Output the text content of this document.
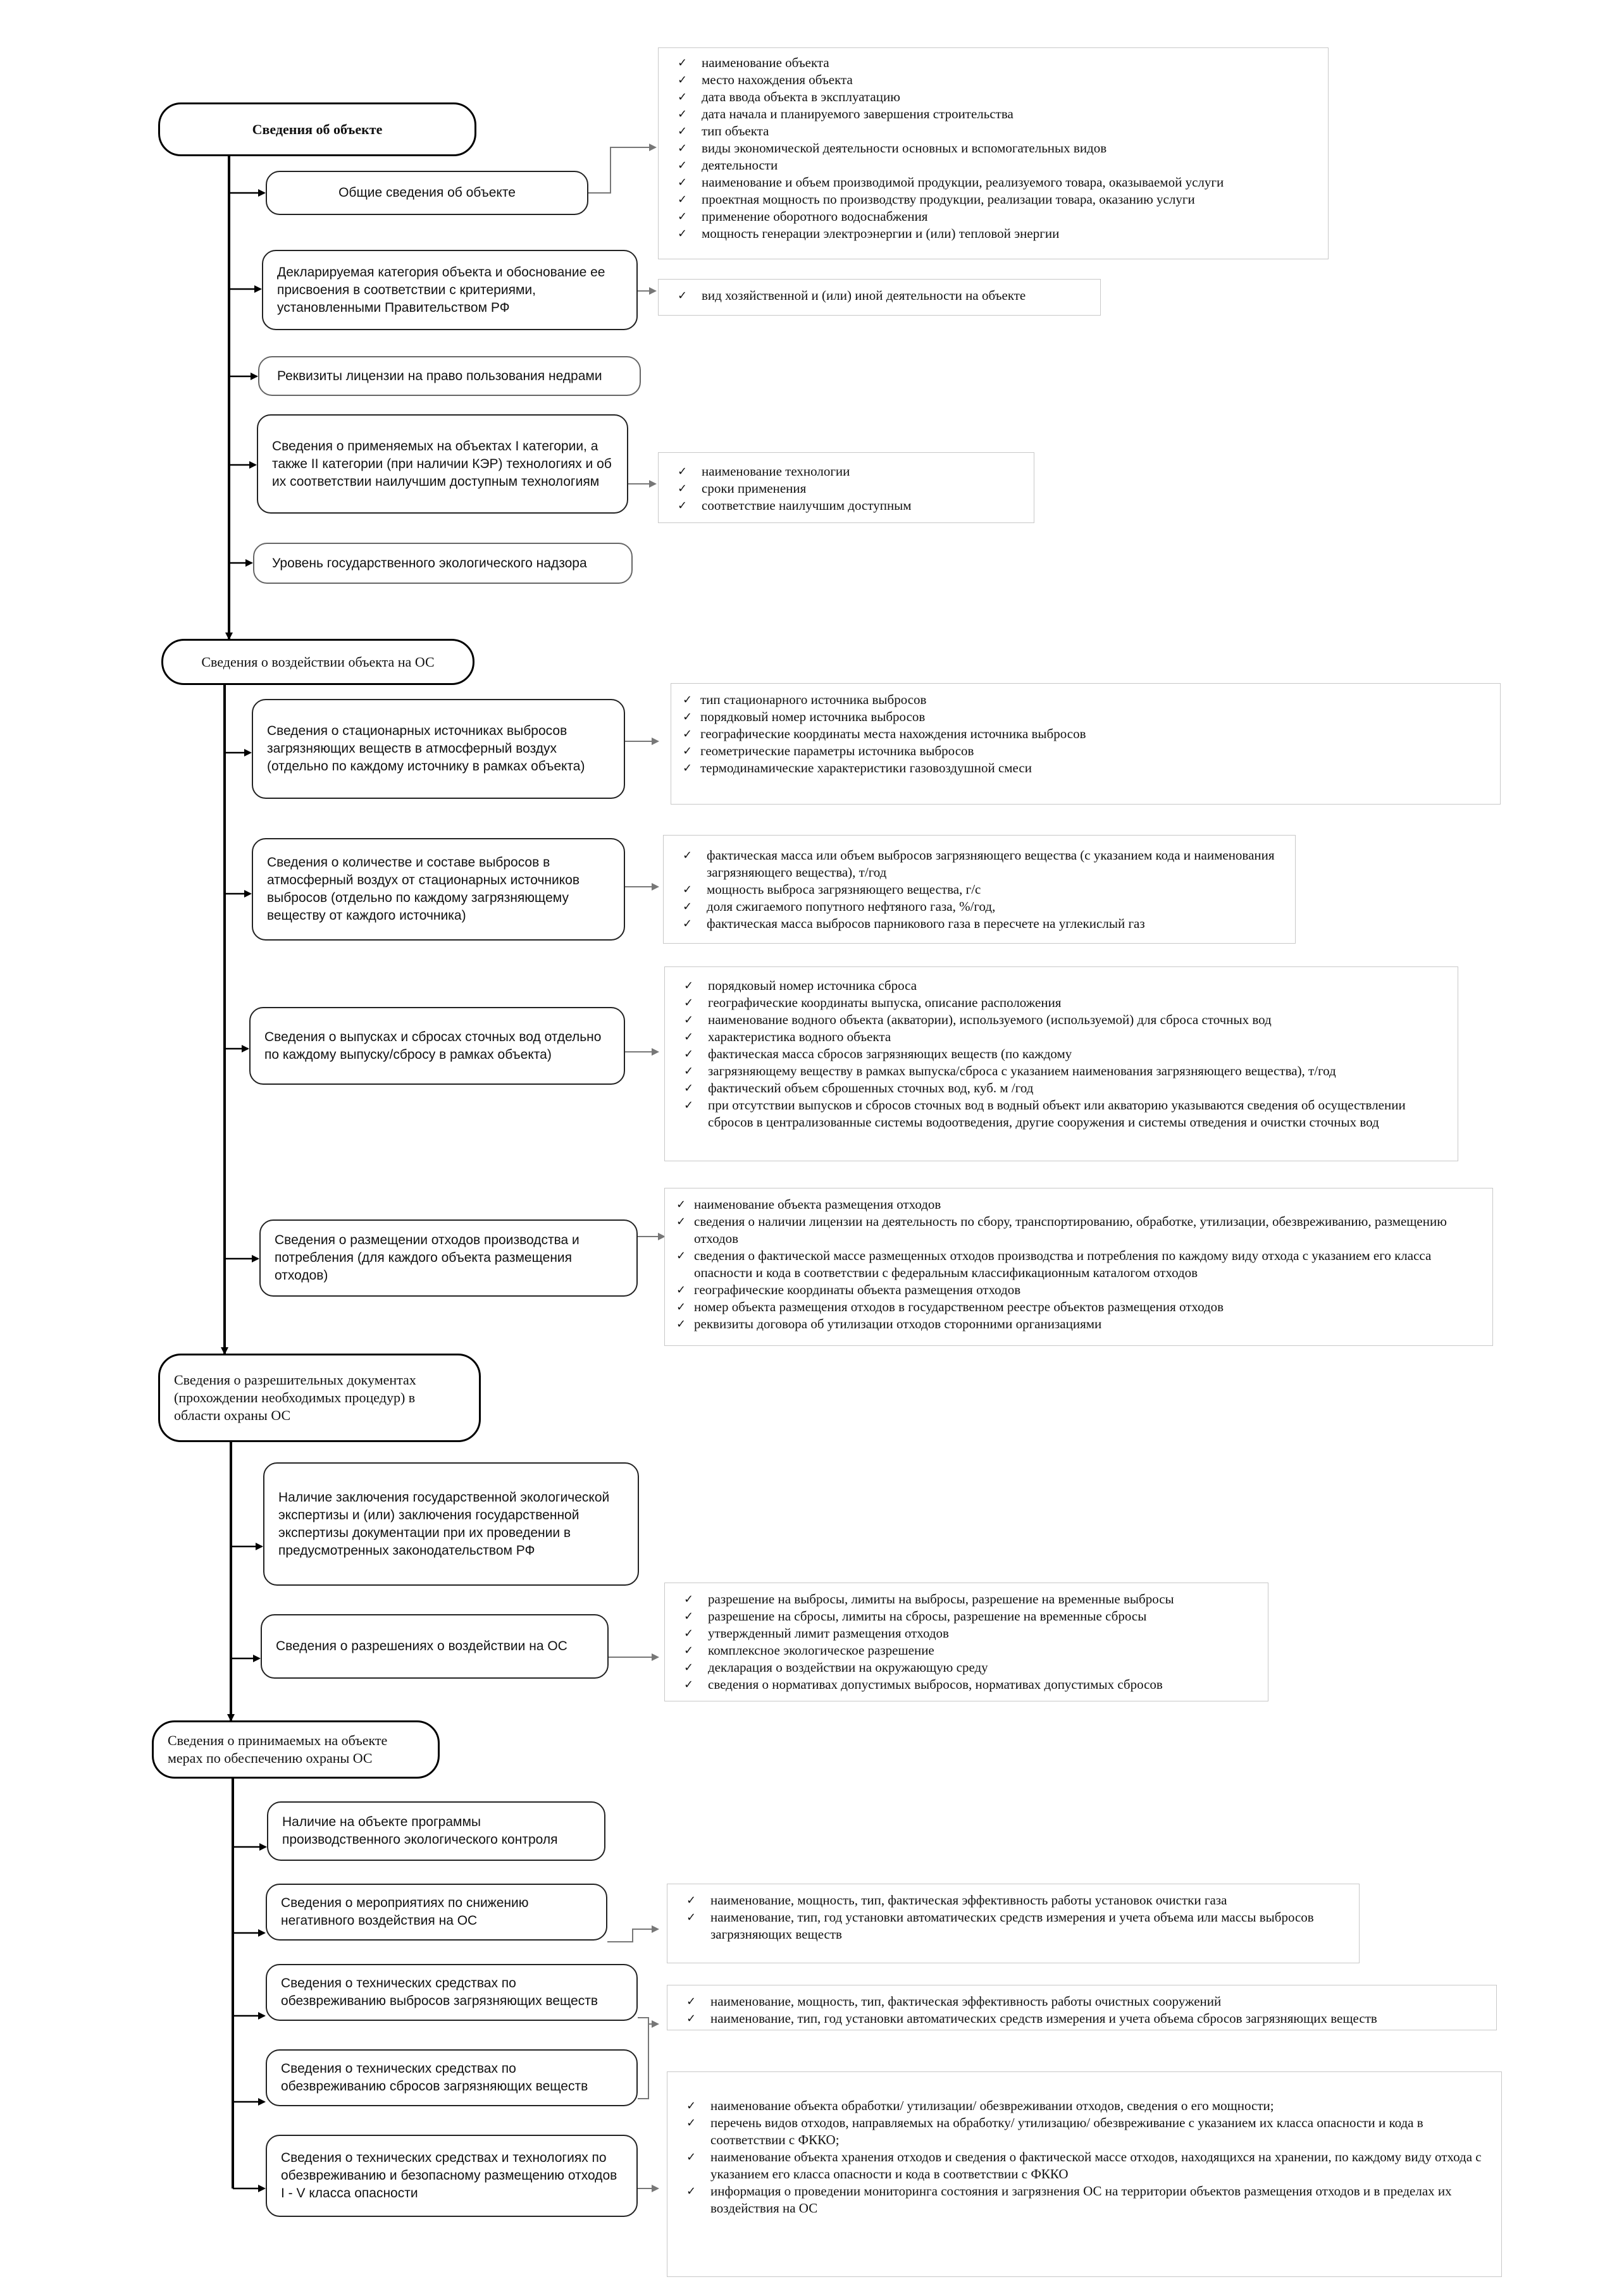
Сведения об объекте
Сведения о воздействии объекта на ОС
Сведения о разрешительных документах (прохождении необходимых процедур) в области охраны ОС
Сведения о принимаемых на объекте мерах по обеспечению охраны ОС
Общие сведения об объекте
Декларируемая категория объекта и обоснование ее присвоения в соответствии с критериями, установленными Правительством РФ
Реквизиты лицензии на право пользования недрами
Сведения о применяемых на объектах I категории, а также II категории (при наличии КЭР) технологиях и об их соответствии наилучшим доступным технологиям
Уровень государственного экологического надзора
Сведения о стационарных источниках выбросов загрязняющих веществ в атмосферный воздух (отдельно по каждому источнику в рамках объекта)
Сведения о количестве и составе выбросов в атмосферный воздух от стационарных источников выбросов (отдельно по каждому загрязняющему веществу от каждого источника)
Сведения о выпусках и сбросах сточных вод отдельно по каждому выпуску/сбросу в рамках объекта)
Сведения о размещении отходов производства и потребления (для каждого объекта размещения отходов)
Наличие заключения государственной экологической экспертизы и (или) заключения государственной экспертизы документации при их проведении в предусмотренных законодательством РФ
Сведения о разрешениях о воздействии на ОС
Наличие на объекте программы производственного экологического контроля
Сведения о мероприятиях по снижению негативного воздействия на ОС
Сведения о технических средствах по обезвреживанию выбросов загрязняющих веществ
Сведения о технических средствах по обезвреживанию сбросов загрязняющих веществ
Сведения о технических средствах и технологиях по обезвреживанию и безопасному размещению отходов I - V класса опасности
✓ наименование объекта
✓ место нахождения объекта
✓ дата ввода объекта в эксплуатацию
✓ дата начала и планируемого завершения строительства
✓ тип объекта
✓ виды экономической деятельности основных и вспомогательных видов
✓ деятельности
✓ наименование и объем производимой продукции, реализуемого товара, оказываемой услуги
✓ проектная мощность по производству продукции, реализации товара, оказанию услуги
✓ применение оборотного водоснабжения
✓ мощность генерации электроэнергии и (или) тепловой энергии
✓ вид хозяйственной и (или) иной деятельности на объекте
✓ наименование технологии
✓ сроки применения
✓ соответствие наилучшим доступным
✓ тип стационарного источника выбросов
✓ порядковый номер источника выбросов
✓ географические координаты места нахождения источника выбросов
✓ геометрические параметры источника выбросов
✓ термодинамические характеристики газовоздушной смеси
✓ фактическая масса или объем выбросов загрязняющего вещества (с указанием кода и наименования загрязняющего вещества), т/год
✓ мощность выброса загрязняющего вещества, г/с
✓ доля сжигаемого попутного нефтяного газа, %/год,
✓ фактическая масса выбросов парникового газа в пересчете на углекислый газ
✓ порядковый номер источника сброса
✓ географические координаты выпуска, описание расположения
✓ наименование водного объекта (акватории), используемого (используемой) для сброса сточных вод
✓ характеристика водного объекта
✓ фактическая масса сбросов загрязняющих веществ (по каждому
✓ загрязняющему веществу в рамках выпуска/сброса с указанием наименования загрязняющего вещества), т/год
✓ фактический объем сброшенных сточных вод, куб. м /год
✓ при отсутствии выпусков и сбросов сточных вод в водный объект или акваторию указываются сведения об осуществлении сбросов в централизованные системы водоотведения, другие сооружения и системы отведения и очистки сточных вод
✓ наименование объекта размещения отходов
✓ сведения о наличии лицензии на деятельность по сбору, транспортированию, обработке, утилизации, обезвреживанию, размещению отходов
✓ сведения о фактической массе размещенных отходов производства и потребления по каждому виду отхода с указанием его класса опасности и кода в соответствии с федеральным классификационным каталогом отходов
✓ географические координаты объекта размещения отходов
✓ номер объекта размещения отходов в государственном реестре объектов размещения отходов
✓ реквизиты договора об утилизации отходов сторонними организациями
✓ разрешение на выбросы, лимиты на выбросы, разрешение на временные выбросы
✓ разрешение на сбросы, лимиты на сбросы, разрешение на временные сбросы
✓ утвержденный лимит размещения отходов
✓ комплексное экологическое разрешение
✓ декларация о воздействии на окружающую среду
✓ сведения о нормативах допустимых выбросов, нормативах допустимых сбросов
✓ наименование, мощность, тип, фактическая эффективность работы установок очистки газа
✓ наименование, тип, год установки автоматических средств измерения и учета объема или массы выбросов загрязняющих веществ
✓ наименование, мощность, тип, фактическая эффективность работы очистных сооружений
✓ наименование, тип, год установки автоматических средств измерения и учета объема сбросов загрязняющих веществ
✓ наименование объекта обработки/ утилизации/ обезвреживании отходов, сведения о его мощности;
✓ перечень видов отходов, направляемых на обработку/ утилизацию/ обезвреживание с указанием их класса опасности и кода в соответствии с ФККО;
✓ наименование объекта хранения отходов и сведения о фактической массе отходов, находящихся на хранении, по каждому виду отхода с указанием его класса опасности и кода в соответствии с ФККО
✓ информация о проведении мониторинга состояния и загрязнения ОС на территории объектов размещения отходов и в пределах их воздействия на ОС
